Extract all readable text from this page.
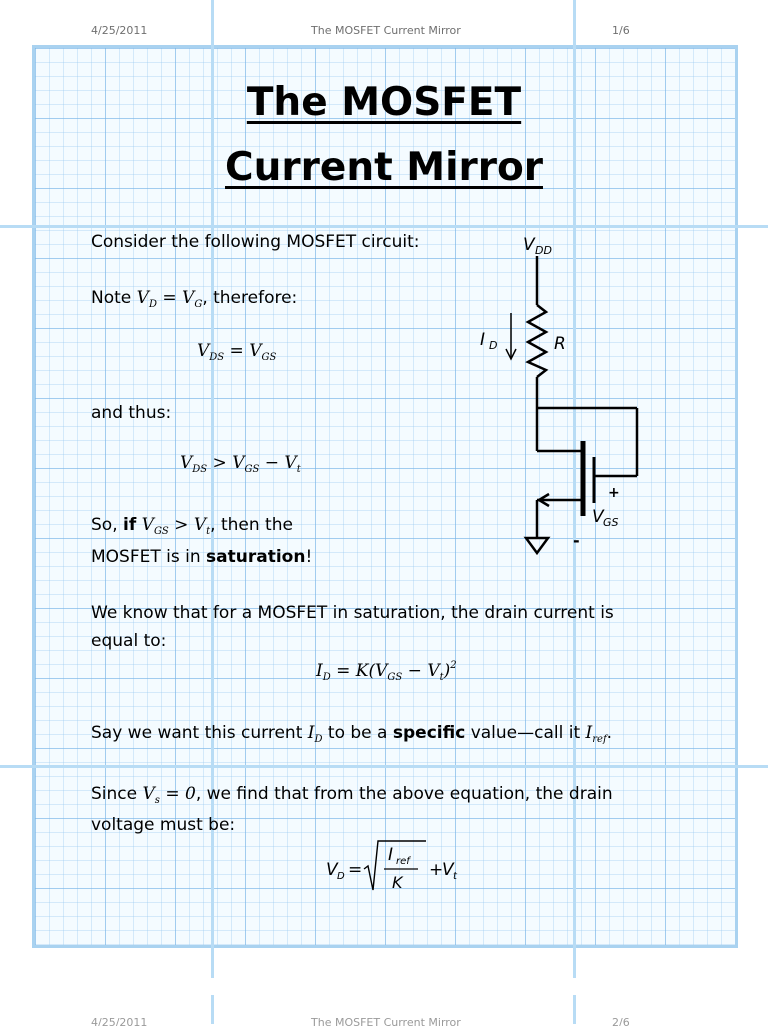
4/25/2011	The MOSFET Current Mirror	1/6
The MOSFET
Current Mirror
Consider the following MOSFET circuit:
Note $V_D = V_G$, therefore:
$V_{DS} = V_{GS}$
and thus:
$V_{DS} > V_{GS} - V_t$
So, if $V_{GS} > V_t$, then the
MOSFET is in saturation!
We know that for a MOSFET in saturation, the drain current is
equal to:
$I_D = K(V_{GS} - V_t)^2$
Say we want this current $I_D$ to be a specific value—call it $I_{ref}$.
Since $V_s = 0$, we find that from the above equation, the drain
voltage must be:
V D =
I ref
K
+
V t
V DD
R
I D
+
V GS
-
4/25/2011	The MOSFET Current Mirror	2/6
